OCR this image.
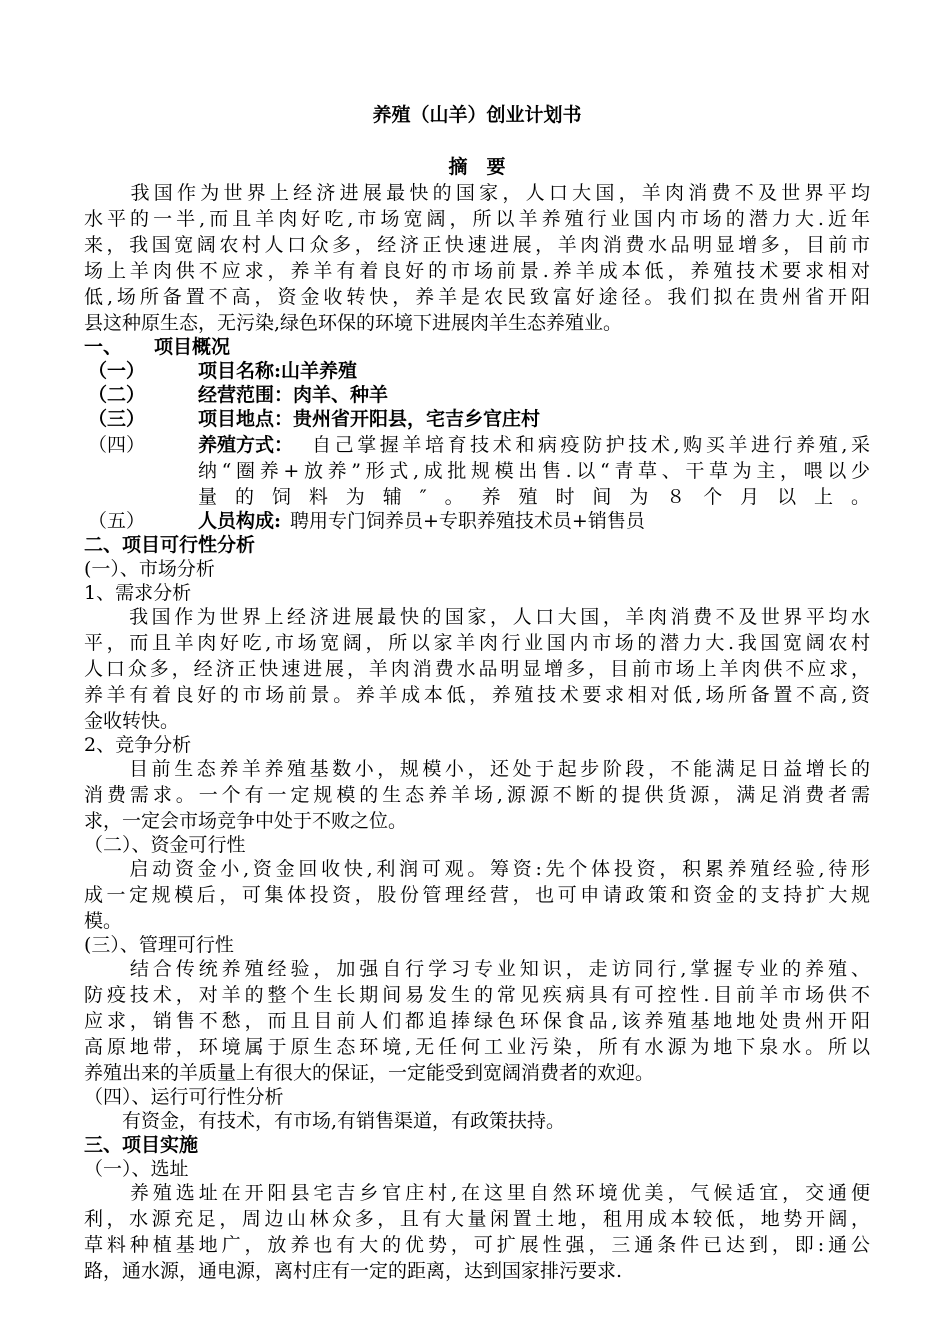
养殖（山羊）创业计划书
摘　要
　　我国作为世界上经济进展最快的国家，人口大国，羊肉消费不及世界平均
水平的一半,而且羊肉好吃,市场宽阔，所以羊养殖行业国内市场的潜力大.近年
来，我国宽阔农村人口众多，经济正快速进展，羊肉消费水品明显增多，目前市
场上羊肉供不应求，养羊有着良好的市场前景.养羊成本低，养殖技术要求相对
低,场所备置不高，资金收转快，养羊是农民致富好途径。我们拟在贵州省开阳
县这种原生态，无污染,绿色环保的环境下进展肉羊生态养殖业。
一、 项目概况
（一）	项目名称:山羊养殖
（二）	经营范围：肉羊、种羊
（三）	项目地点：贵州省开阳县，宅吉乡官庄村
（四）	养殖方式： 自己掌握羊培育技术和病疫防护技术,购买羊进行养殖,采
纳“圈养+放养”形式,成批规模出售.以“青草、干草为主，喂以少
量的饲料为辅″。养殖时间为８个月以上。
（五）	人员构成: 聘用专门饲养员+专职养殖技术员+销售员
二、项目可行性分析
(一）、市场分析
1、需求分析
　　我国作为世界上经济进展最快的国家，人口大国，羊肉消费不及世界平均水
平，而且羊肉好吃,市场宽阔，所以家羊肉行业国内市场的潜力大.我国宽阔农村
人口众多，经济正快速进展，羊肉消费水品明显增多，目前市场上羊肉供不应求，
养羊有着良好的市场前景。养羊成本低，养殖技术要求相对低,场所备置不高,资
金收转快。
2、竞争分析
　　目前生态养羊养殖基数小，规模小，还处于起步阶段，不能满足日益增长的
消费需求。一个有一定规模的生态养羊场,源源不断的提供货源，满足消费者需
求，一定会市场竞争中处于不败之位。
（二）、资金可行性
　　启动资金小,资金回收快,利润可观。筹资:先个体投资，积累养殖经验,待形
成一定规模后，可集体投资，股份管理经营，也可申请政策和资金的支持扩大规
模。
(三）、管理可行性
　　结合传统养殖经验，加强自行学习专业知识，走访同行,掌握专业的养殖、
防疫技术，对羊的整个生长期间易发生的常见疾病具有可控性.目前羊市场供不
应求，销售不愁，而且目前人们都追捧绿色环保食品,该养殖基地地处贵州开阳
高原地带，环境属于原生态环境,无任何工业污染，所有水源为地下泉水。所以
养殖出来的羊质量上有很大的保证，一定能受到宽阔消费者的欢迎。
（四）、运行可行性分析
　　有资金，有技术，有市场,有销售渠道，有政策扶持。
三、项目实施
（一）、选址
　　养殖选址在开阳县宅吉乡官庄村,在这里自然环境优美，气候适宜，交通便
利，水源充足，周边山林众多，且有大量闲置土地，租用成本较低，地势开阔，
草料种植基地广，放养也有大的优势，可扩展性强，三通条件已达到，即:通公
路，通水源，通电源，离村庄有一定的距离，达到国家排污要求.
